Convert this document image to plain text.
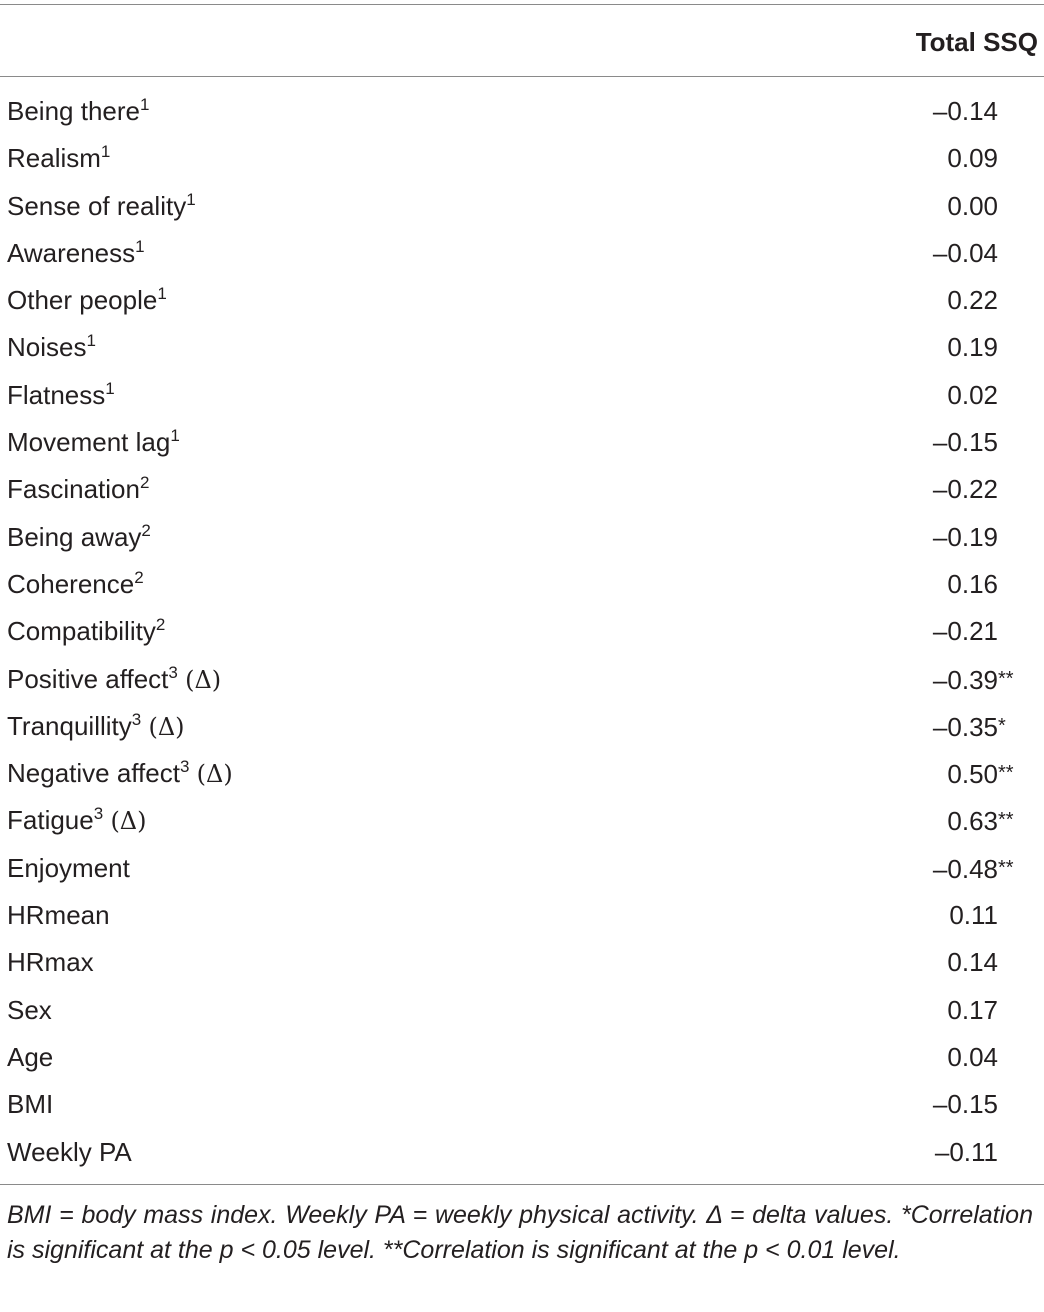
Total SSQ
Being there$^1$	–0.14
Realism$^1$	0.09
Sense of reality$^1$	0.00
Awareness$^1$	–0.04
Other people$^1$	0.22
Noises$^1$	0.19
Flatness$^1$	0.02
Movement lag$^1$	–0.15
Fascination$^2$	–0.22
Being away$^2$	–0.19
Coherence$^2$	0.16
Compatibility$^2$	–0.21
Positive affect$^3$ (Δ)	–0.39**
Tranquillity$^3$ (Δ)	–0.35*
Negative affect$^3$ (Δ)	0.50**
Fatigue$^3$ (Δ)	0.63**
Enjoyment	–0.48**
HRmean	0.11
HRmax	0.14
Sex	0.17
Age	0.04
BMI	–0.15
Weekly PA	–0.11
BMI = body mass index. Weekly PA = weekly physical activity. Δ = delta values. *Correlation is significant at the p < 0.05 level. **Correlation is significant at the p < 0.01 level.
